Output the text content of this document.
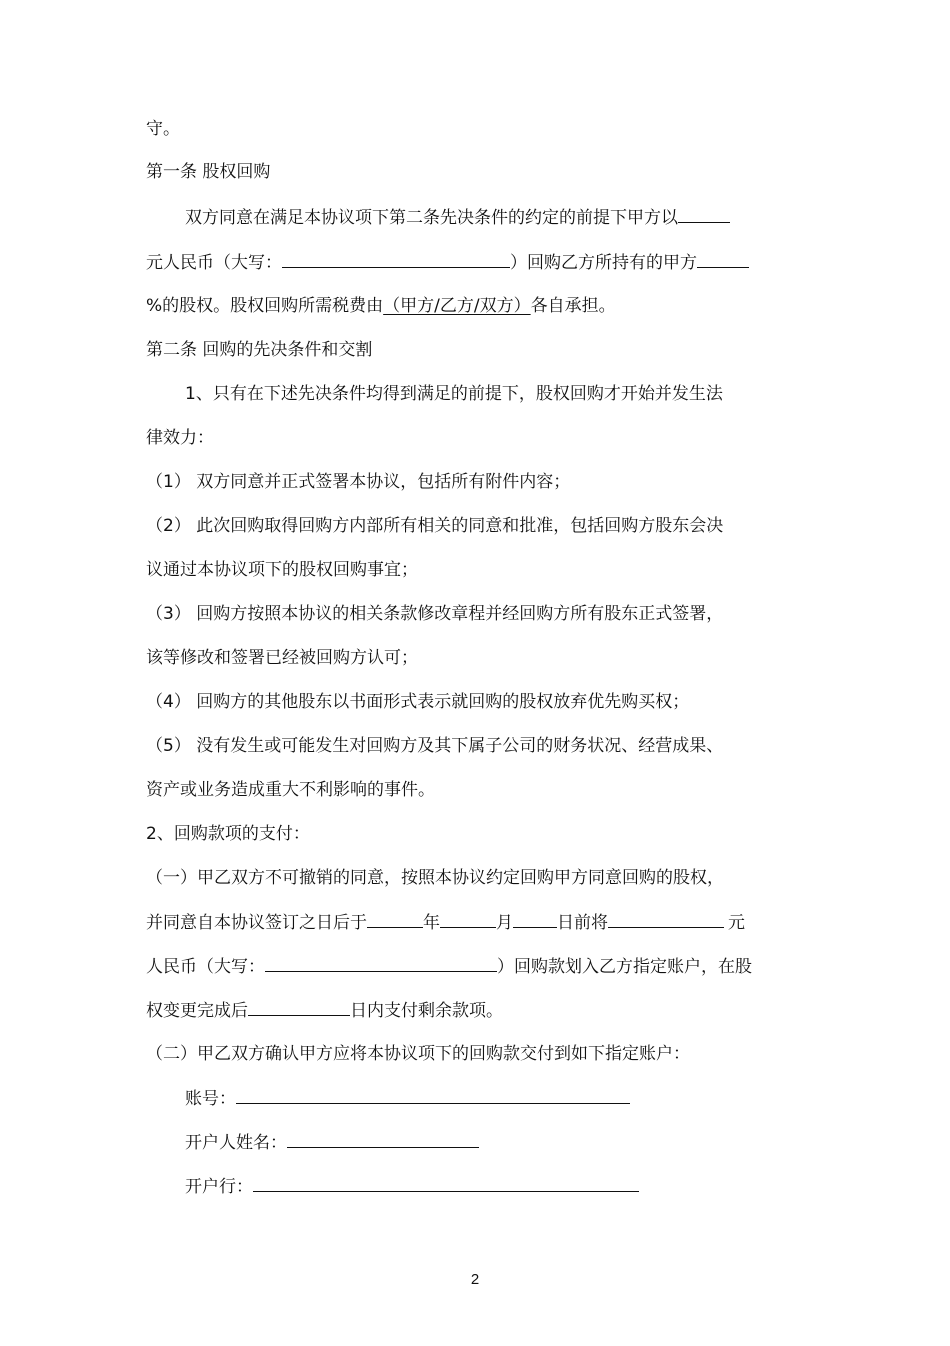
守。
第一条 股权回购
双方同意在满足本协议项下第二条先决条件的约定的前提下甲方以
元人民币（大写：	）回购乙方所持有的甲方
%的股权。股权回购所需税费由（甲方/乙方/双方）各自承担。
第二条 回购的先决条件和交割
1、只有在下述先决条件均得到满足的前提下，股权回购才开始并发生法
律效力：
（1） 双方同意并正式签署本协议，包括所有附件内容；
（2） 此次回购取得回购方内部所有相关的同意和批准，包括回购方股东会决
议通过本协议项下的股权回购事宜；
（3） 回购方按照本协议的相关条款修改章程并经回购方所有股东正式签署，
该等修改和签署已经被回购方认可；
（4） 回购方的其他股东以书面形式表示就回购的股权放弃优先购买权；
（5） 没有发生或可能发生对回购方及其下属子公司的财务状况、经营成果、
资产或业务造成重大不利影响的事件。
2、回购款项的支付：
（一）甲乙双方不可撤销的同意，按照本协议约定回购甲方同意回购的股权，
并同意自本协议签订之日后于	年	月	日前将	元
人民币（大写：	）回购款划入乙方指定账户，在股
权变更完成后	日内支付剩余款项。
（二）甲乙双方确认甲方应将本协议项下的回购款交付到如下指定账户：
账号：
开户人姓名：
开户行：
2
